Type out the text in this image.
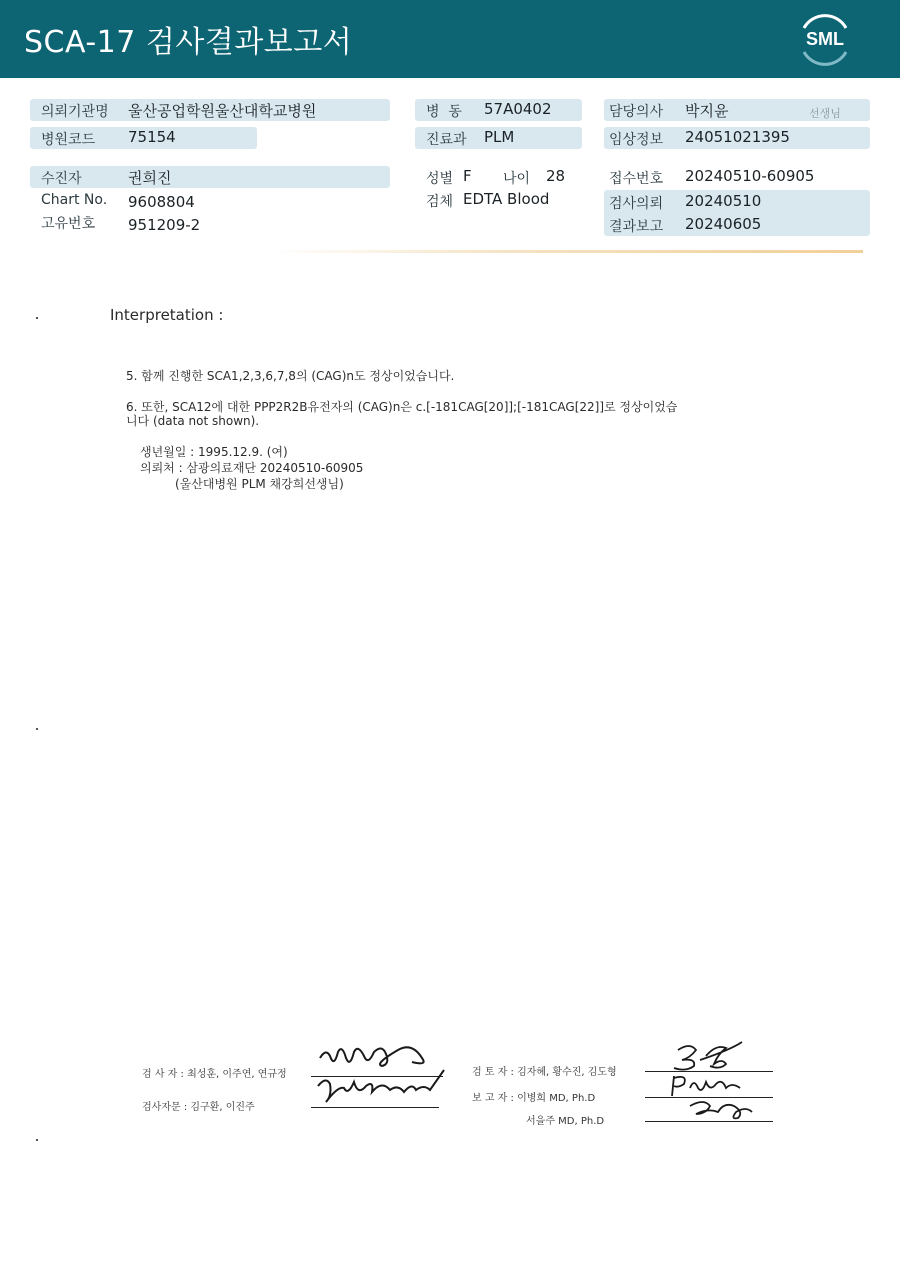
SCA-17 검사결과보고서	SML
의뢰기관명 울산공업학원울산대학교병원
병원코드 75154
수진자	권희진
Chart No. 9608804
고유번호 951209-2
병  동 57A0402
진료과 PLM
성별 F 나이 28
검체 EDTA Blood
담당의사 박지윤	선생님
임상정보 24051021395
접수번호 20240510-60905
검사의뢰 20240510
결과보고 20240605
Interpretation :
5. 함께 진행한 SCA1,2,3,6,7,8의 (CAG)n도 정상이었습니다.
6. 또한, SCA12에 대한 PPP2R2B유전자의 (CAG)n은 c.[-181CAG[20]];[-181CAG[22]]로 정상이었습
니다 (data not shown).
생년월일 : 1995.12.9. (여)
의뢰처 : 삼광의료재단 20240510-60905
(울산대병원 PLM 채강희선생님)
검 사 자 : 최성훈, 이주연, 연규정
검사자문 : 김구환, 이진주
검 토 자 : 김자혜, 황수진, 김도형
보 고 자 : 이병희 MD, Ph.D
서을주 MD, Ph.D
